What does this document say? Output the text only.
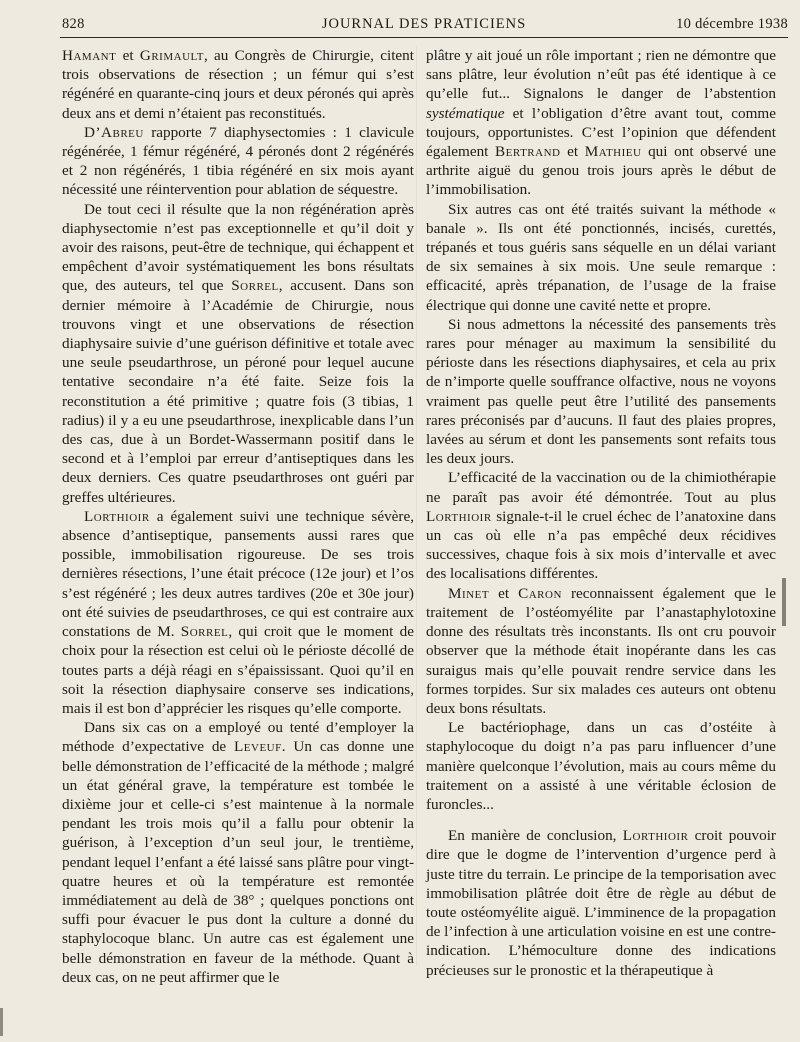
828	JOURNAL DES PRATICIENS	10 décembre 1938

Hamant et Grimault, au Congrès de Chirurgie, citent trois observations de résection ; un fémur qui s’est régénéré en quarante-cinq jours et deux péronés qui après deux ans et demi n’étaient pas reconstitués.

D’Abreu rapporte 7 diaphysectomies : 1 clavicule régénérée, 1 fémur régénéré, 4 péronés dont 2 régénérés et 2 non régénérés, 1 tibia régénéré en six mois ayant nécessité une réintervention pour ablation de séquestre.

De tout ceci il résulte que la non régénération après diaphysectomie n’est pas exceptionnelle et qu’il doit y avoir des raisons, peut-être de technique, qui échappent et empêchent d’avoir systématiquement les bons résultats que, des auteurs, tel que Sorrel, accusent. Dans son dernier mémoire à l’Académie de Chirurgie, nous trouvons vingt et une observations de résection diaphysaire suivie d’une guérison définitive et totale avec une seule pseudarthrose, un péroné pour lequel aucune tentative secondaire n’a été faite. Seize fois la reconstitution a été primitive ; quatre fois (3 tibias, 1 radius) il y a eu une pseudarthrose, inexplicable dans l’un des cas, due à un Bordet-Wassermann positif dans le second et à l’emploi par erreur d’antiseptiques dans les deux derniers. Ces quatre pseudarthroses ont guéri par greffes ultérieures.

Lorthioir a également suivi une technique sévère, absence d’antiseptique, pansements aussi rares que possible, immobilisation rigoureuse. De ses trois dernières résections, l’une était précoce (12e jour) et l’os s’est régénéré ; les deux autres tardives (20e et 30e jour) ont été suivies de pseudarthroses, ce qui est contraire aux constations de M. Sorrel, qui croit que le moment de choix pour la résection est celui où le périoste décollé de toutes parts a déjà réagi en s’épaississant. Quoi qu’il en soit la résection diaphysaire conserve ses indications, mais il est bon d’apprécier les risques qu’elle comporte.

Dans six cas on a employé ou tenté d’employer la méthode d’expectative de Leveuf. Un cas donne une belle démonstration de l’efficacité de la méthode ; malgré un état général grave, la température est tombée le dixième jour et celle-ci s’est maintenue à la normale pendant les trois mois qu’il a fallu pour obtenir la guérison, à l’exception d’un seul jour, le trentième, pendant lequel l’enfant a été laissé sans plâtre pour vingt-quatre heures et où la température est remontée immédiatement au delà de 38° ; quelques ponctions ont suffi pour évacuer le pus dont la culture a donné du staphylocoque blanc. Un autre cas est également une belle démonstration en faveur de la méthode. Quant à deux cas, on ne peut affirmer que le

plâtre y ait joué un rôle important ; rien ne démontre que sans plâtre, leur évolution n’eût pas été identique à ce qu’elle fut... Signalons le danger de l’abstention systématique et l’obligation d’être avant tout, comme toujours, opportunistes. C’est l’opinion que défendent également Bertrand et Mathieu qui ont observé une arthrite aiguë du genou trois jours après le début de l’immobilisation.

Six autres cas ont été traités suivant la méthode « banale ». Ils ont été ponctionnés, incisés, curettés, trépanés et tous guéris sans séquelle en un délai variant de six semaines à six mois. Une seule remarque : efficacité, après trépanation, de l’usage de la fraise électrique qui donne une cavité nette et propre.

Si nous admettons la nécessité des pansements très rares pour ménager au maximum la sensibilité du périoste dans les résections diaphysaires, et cela au prix de n’importe quelle souffrance olfactive, nous ne voyons vraiment pas quelle peut être l’utilité des pansements rares préconisés par d’aucuns. Il faut des plaies propres, lavées au sérum et dont les pansements sont refaits tous les deux jours.

L’efficacité de la vaccination ou de la chimiothérapie ne paraît pas avoir été démontrée. Tout au plus Lorthioir signale-t-il le cruel échec de l’anatoxine dans un cas où elle n’a pas empêché deux récidives successives, chaque fois à six mois d’intervalle et avec des localisations différentes.

Minet et Caron reconnaissent également que le traitement de l’ostéomyélite par l’anastaphylotoxine donne des résultats très inconstants. Ils ont cru pouvoir observer que la méthode était inopérante dans les cas suraigus mais qu’elle pouvait rendre service dans les formes torpides. Sur six malades ces auteurs ont obtenu deux bons résultats.

Le bactériophage, dans un cas d’ostéite à staphylocoque du doigt n’a pas paru influencer d’une manière quelconque l’évolution, mais au cours même du traitement on a assisté à une véritable éclosion de furoncles...

En manière de conclusion, Lorthioir croit pouvoir dire que le dogme de l’intervention d’urgence perd à juste titre du terrain. Le principe de la temporisation avec immobilisation plâtrée doit être de règle au début de toute ostéomyélite aiguë. L’imminence de la propagation de l’infection à une articulation voisine en est une contre-indication. L’hémoculture donne des indications précieuses sur le pronostic et la thérapeutique à
